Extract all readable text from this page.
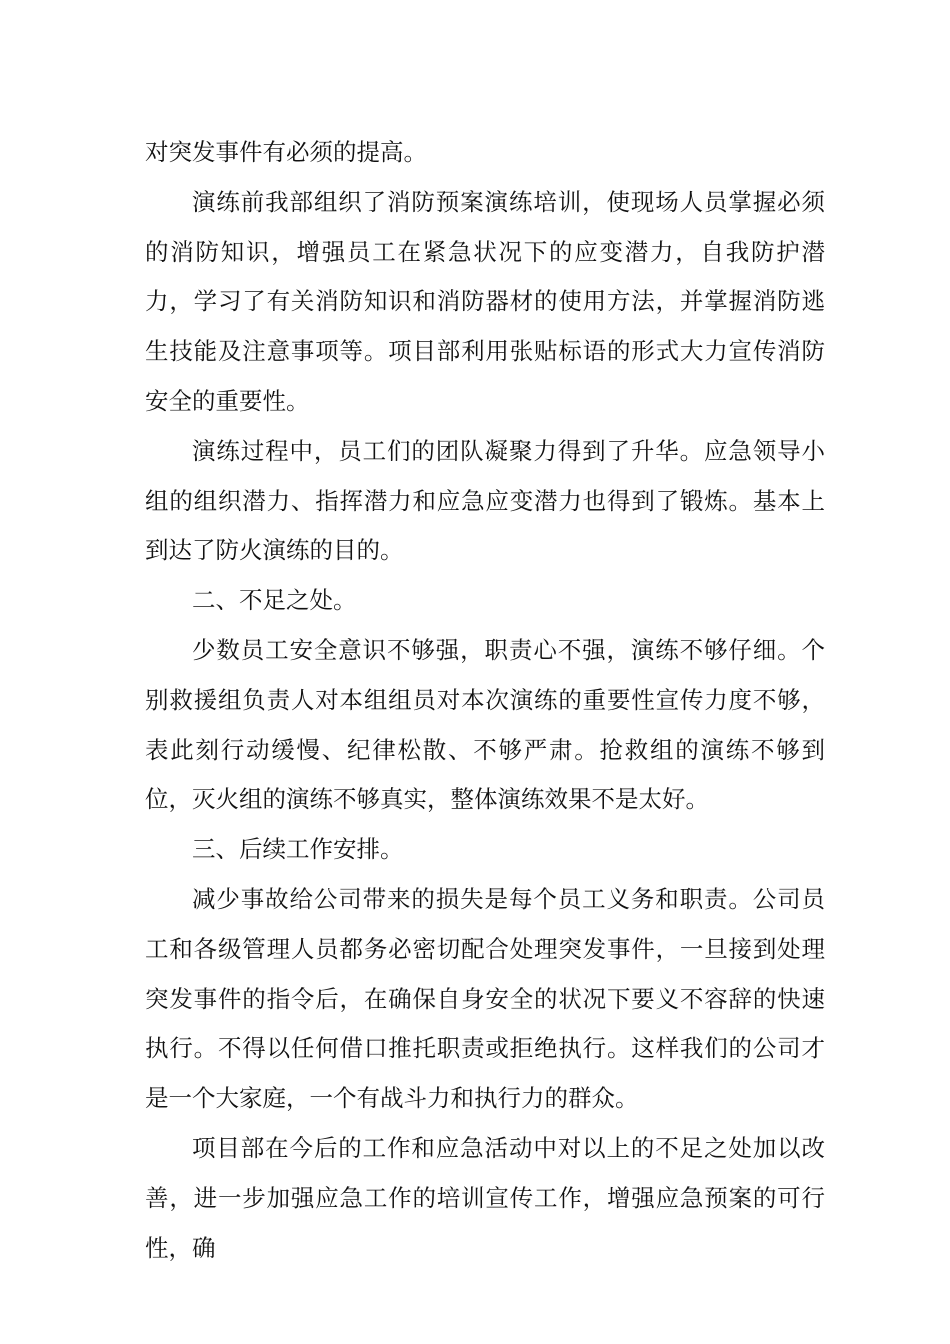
对突发事件有必须的提高。

演练前我部组织了消防预案演练培训，使现场人员掌握必须的消防知识，增强员工在紧急状况下的应变潜力，自我防护潜力，学习了有关消防知识和消防器材的使用方法，并掌握消防逃生技能及注意事项等。项目部利用张贴标语的形式大力宣传消防安全的重要性。

演练过程中，员工们的团队凝聚力得到了升华。应急领导小组的组织潜力、指挥潜力和应急应变潜力也得到了锻炼。基本上到达了防火演练的目的。

二、不足之处。

少数员工安全意识不够强，职责心不强，演练不够仔细。个别救援组负责人对本组组员对本次演练的重要性宣传力度不够，表此刻行动缓慢、纪律松散、不够严肃。抢救组的演练不够到位，灭火组的演练不够真实，整体演练效果不是太好。

三、后续工作安排。

减少事故给公司带来的损失是每个员工义务和职责。公司员工和各级管理人员都务必密切配合处理突发事件，一旦接到处理突发事件的指令后，在确保自身安全的状况下要义不容辞的快速执行。不得以任何借口推托职责或拒绝执行。这样我们的公司才是一个大家庭，一个有战斗力和执行力的群众。

项目部在今后的工作和应急活动中对以上的不足之处加以改善，进一步加强应急工作的培训宣传工作，增强应急预案的可行性，确
